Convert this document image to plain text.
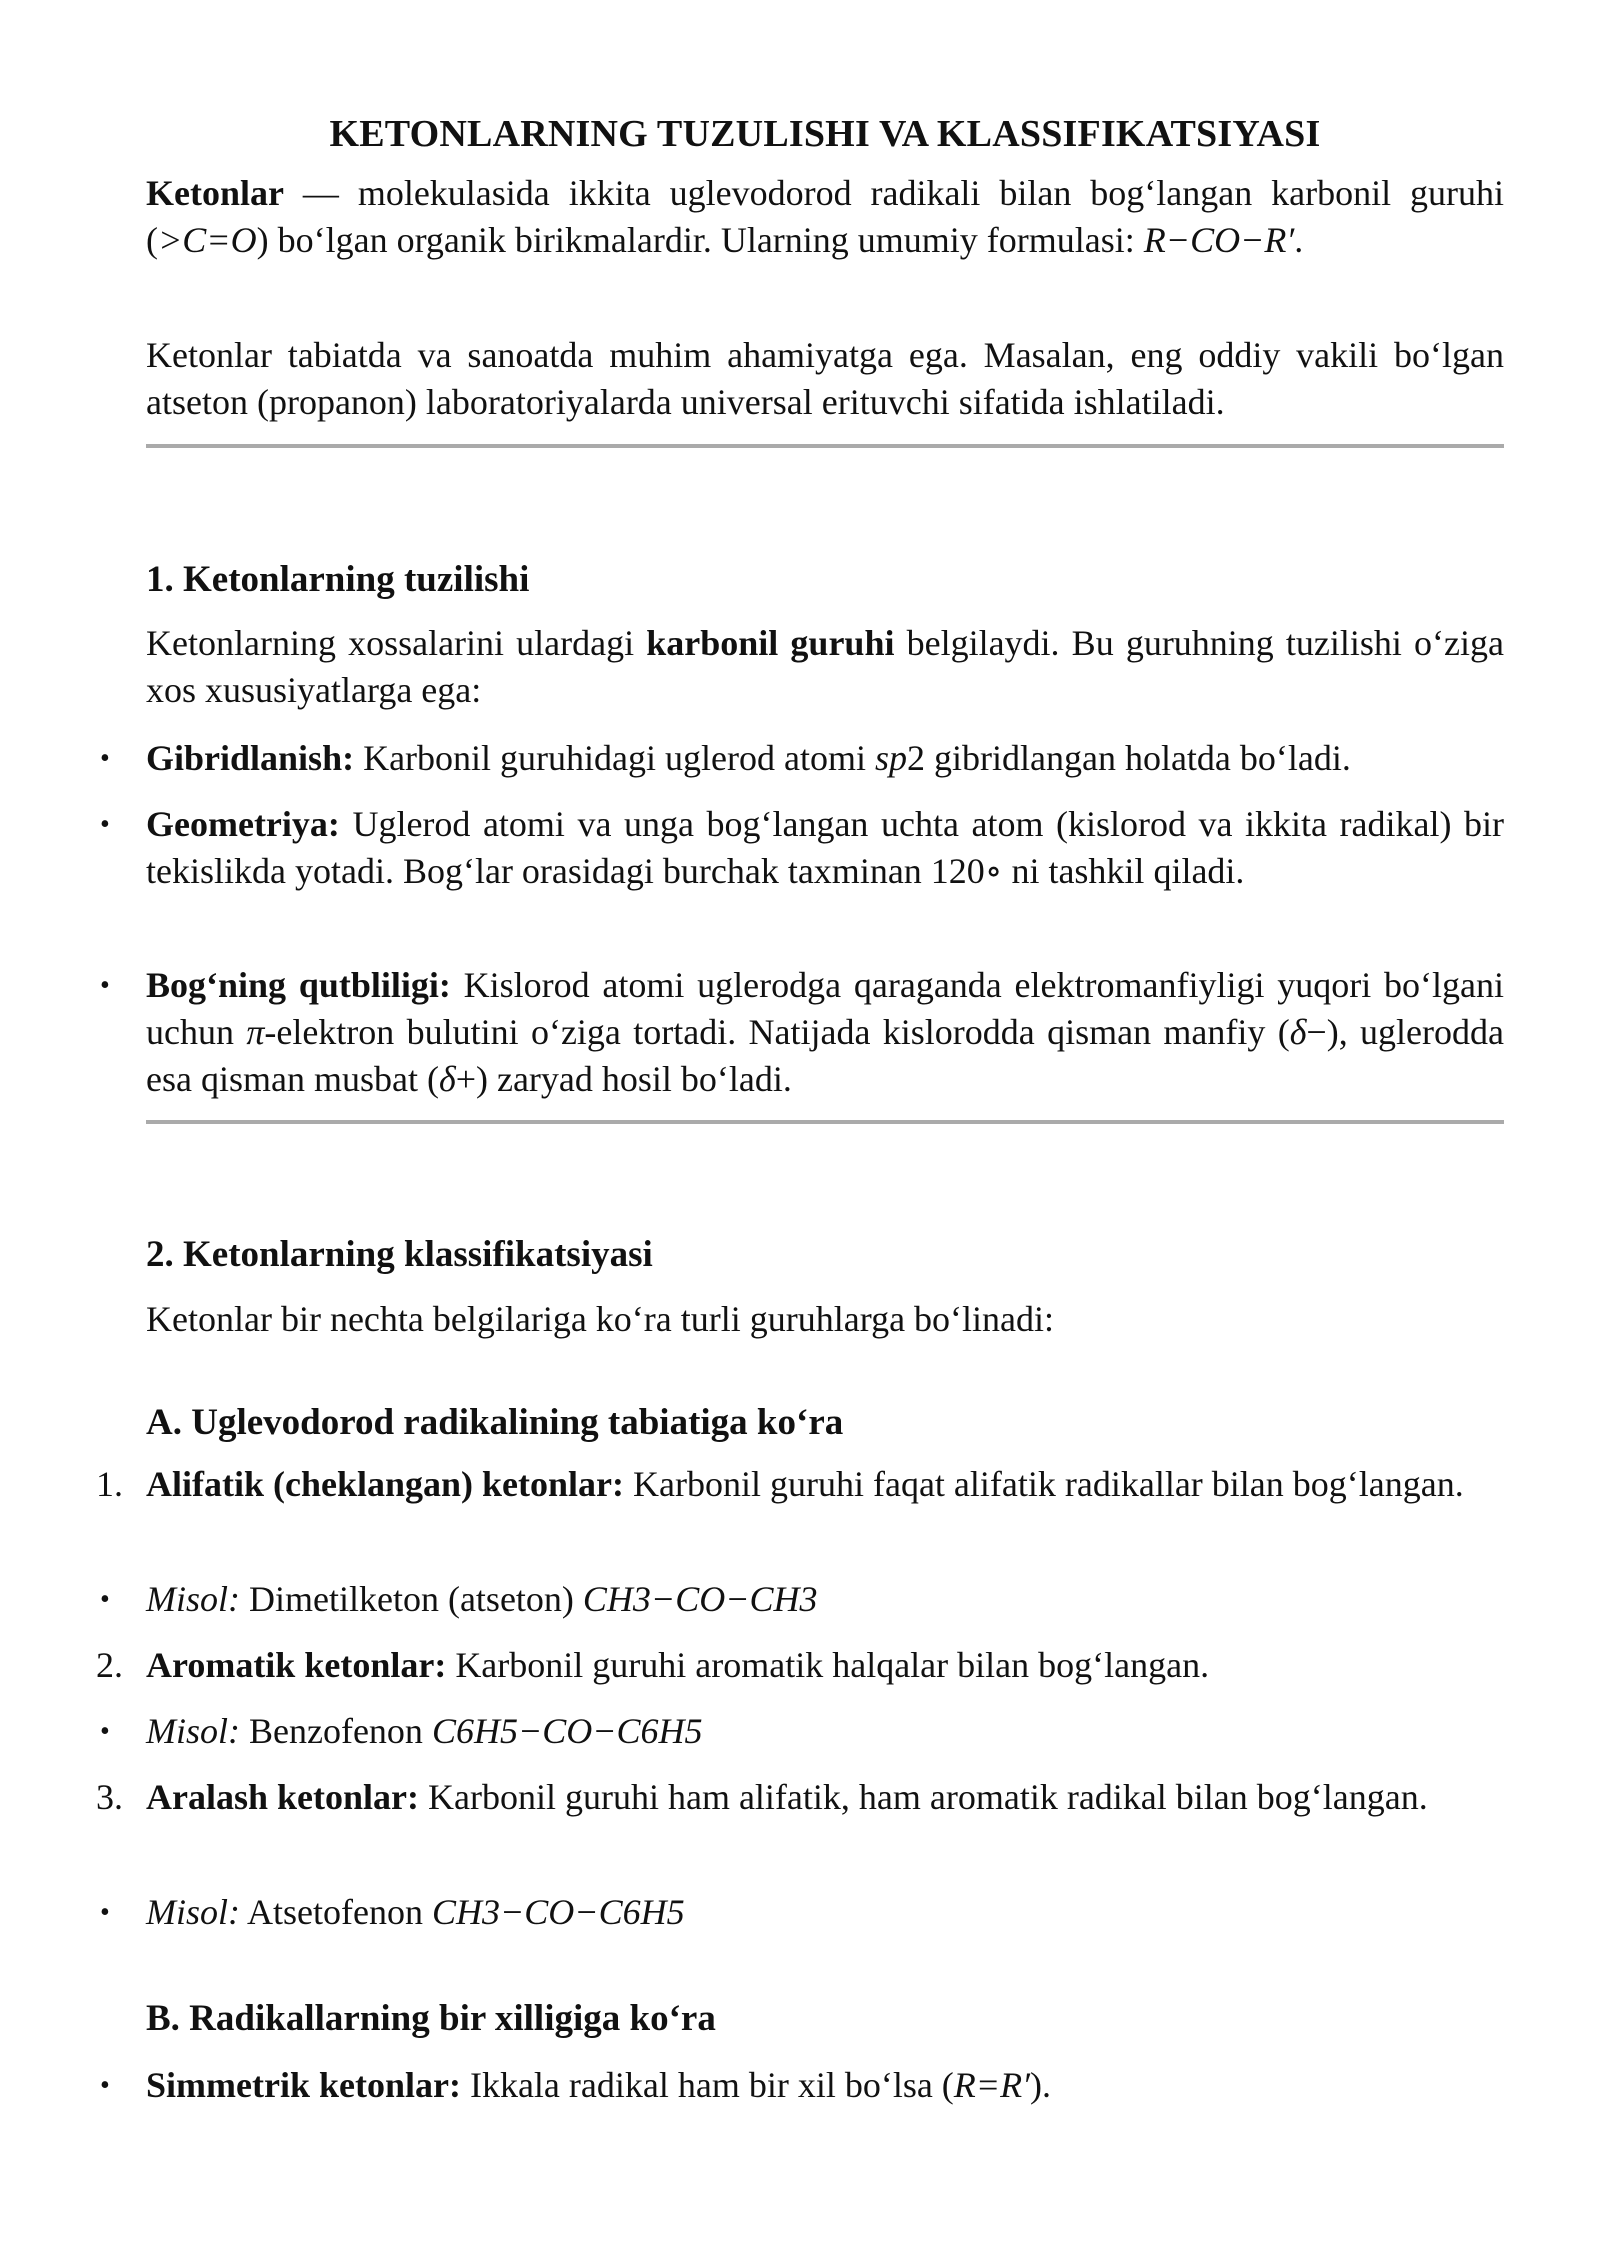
KETONLARNING TUZULISHI VA KLASSIFIKATSIYASI

Ketonlar — molekulasida ikkita uglevodorod radikali bilan bog‘langan karbonil guruhi (>C=O) bo‘lgan organik birikmalardir. Ularning umumiy formulasi: R−CO−R′.

Ketonlar tabiatda va sanoatda muhim ahamiyatga ega. Masalan, eng oddiy vakili bo‘lgan atseton (propanon) laboratoriyalarda universal erituvchi sifatida ishlatiladi.

1. Ketonlarning tuzilishi

Ketonlarning xossalarini ulardagi karbonil guruhi belgilaydi. Bu guruhning tuzilishi o‘ziga xos xususiyatlarga ega:

• Gibridlanish: Karbonil guruhidagi uglerod atomi sp2 gibridlangan holatda bo‘ladi.
• Geometriya: Uglerod atomi va unga bog‘langan uchta atom (kislorod va ikkita radikal) bir tekislikda yotadi. Bog‘lar orasidagi burchak taxminan 120∘ ni tashkil qiladi.
• Bog‘ning qutbliligi: Kislorod atomi uglerodga qaraganda elektromanfiyligi yuqori bo‘lgani uchun π-elektron bulutini o‘ziga tortadi. Natijada kislorodda qisman manfiy (δ−), uglerodda esa qisman musbat (δ+) zaryad hosil bo‘ladi.
2. Ketonlarning klassifikatsiyasi

Ketonlar bir nechta belgilariga ko‘ra turli guruhlarga bo‘linadi:

A. Uglevodorod radikalining tabiatiga ko‘ra
1. Alifatik (cheklangan) ketonlar: Karbonil guruhi faqat alifatik radikallar bilan bog‘langan.
• Misol: Dimetilketon (atseton) CH3−CO−CH3
2. Aromatik ketonlar: Karbonil guruhi aromatik halqalar bilan bog‘langan.
• Misol: Benzofenon C6H5−CO−C6H5
3. Aralash ketonlar: Karbonil guruhi ham alifatik, ham aromatik radikal bilan bog‘langan.
• Misol: Atsetofenon CH3−CO−C6H5
B. Radikallarning bir xilligiga ko‘ra
• Simmetrik ketonlar: Ikkala radikal ham bir xil bo‘lsa (R=R′).
